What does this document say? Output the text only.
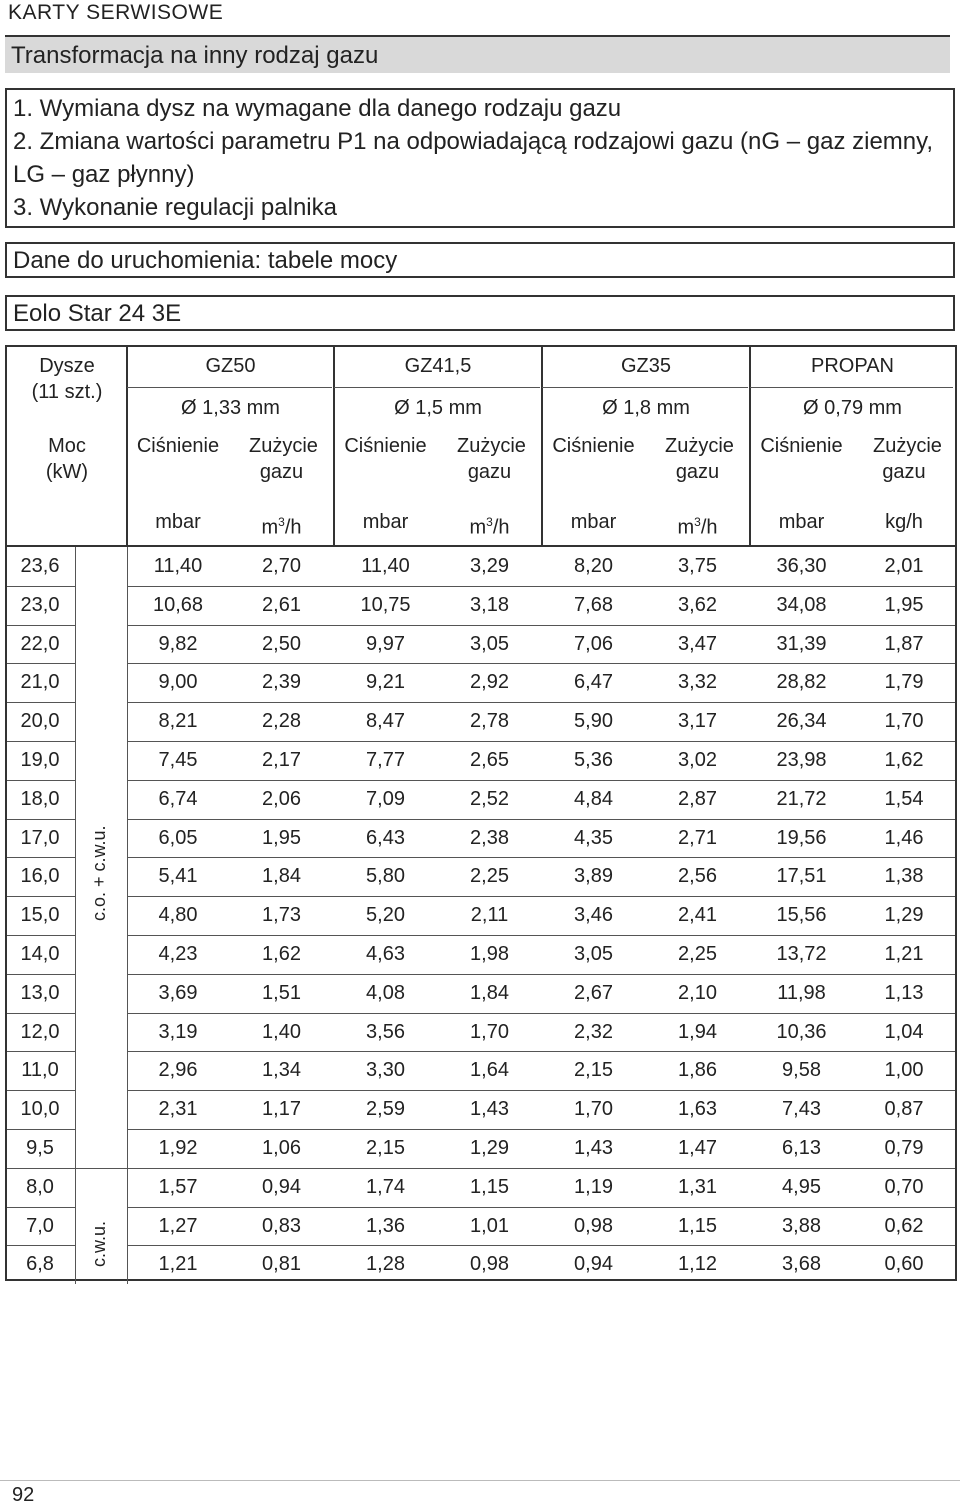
KARTY SERWISOWE
Transformacja na inny rodzaj gazu
1. Wymiana dysz na wymagane dla danego rodzaju gazu
2. Zmiana wartości parametru P1 na odpowiadającą rodzajowi gazu (nG – gaz ziemny, LG – gaz płynny)
3. Wykonanie regulacji palnika
Dane do uruchomienia: tabele mocy
Eolo Star 24 3E
Dysze
(11 szt.)
Moc
(kW)
GZ50
Ø 1,33 mm
Ciśnienie	Zużycie gazu
mbar	$m^3/h$
GZ41,5
Ø 1,5 mm
Ciśnienie	Zużycie gazu
mbar	$m^3/h$
GZ35
Ø 1,8 mm
Ciśnienie	Zużycie gazu
mbar	$m^3/h$
PROPAN
Ø 0,79 mm
Ciśnienie	Zużycie gazu
mbar	kg/h
23,6	11,40	2,70	11,40	3,29	8,20	3,75	36,30	2,01
23,0	10,68	2,61	10,75	3,18	7,68	3,62	34,08	1,95
22,0	9,82	2,50	9,97	3,05	7,06	3,47	31,39	1,87
21,0	9,00	2,39	9,21	2,92	6,47	3,32	28,82	1,79
20,0	8,21	2,28	8,47	2,78	5,90	3,17	26,34	1,70
19,0	7,45	2,17	7,77	2,65	5,36	3,02	23,98	1,62
18,0	6,74	2,06	7,09	2,52	4,84	2,87	21,72	1,54
17,0	6,05	1,95	6,43	2,38	4,35	2,71	19,56	1,46
16,0	5,41	1,84	5,80	2,25	3,89	2,56	17,51	1,38
15,0	4,80	1,73	5,20	2,11	3,46	2,41	15,56	1,29
14,0	4,23	1,62	4,63	1,98	3,05	2,25	13,72	1,21
13,0	3,69	1,51	4,08	1,84	2,67	2,10	11,98	1,13
12,0	3,19	1,40	3,56	1,70	2,32	1,94	10,36	1,04
11,0	2,96	1,34	3,30	1,64	2,15	1,86	9,58	1,00
10,0	2,31	1,17	2,59	1,43	1,70	1,63	7,43	0,87
9,5	1,92	1,06	2,15	1,29	1,43	1,47	6,13	0,79
8,0	1,57	0,94	1,74	1,15	1,19	1,31	4,95	0,70
7,0	1,27	0,83	1,36	1,01	0,98	1,15	3,88	0,62
6,8	1,21	0,81	1,28	0,98	0,94	1,12	3,68	0,60
c.o. + c.w.u.
c.w.u.
92
